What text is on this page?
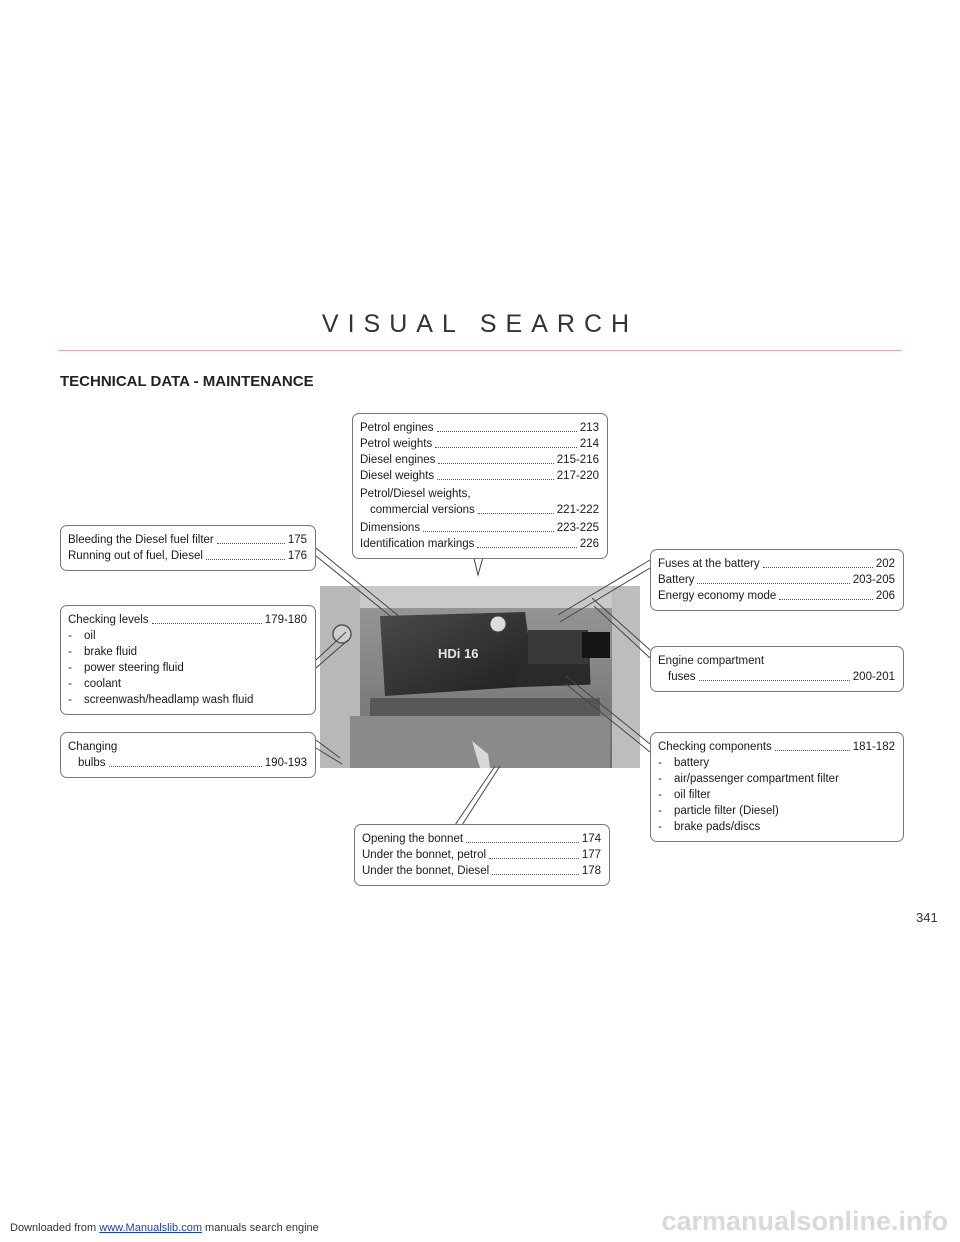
VISUAL SEARCH
TECHNICAL DATA - MAINTENANCE
HDi 16
Petrol engines	213
Petrol weights	214
Diesel engines	215-216
Diesel weights	217-220
Petrol/Diesel weights,
commercial versions	221-222
Dimensions	223-225
Identification markings	226
Bleeding the Diesel fuel filter	175
Running out of fuel, Diesel	176
Fuses at the battery	202
Battery	203-205
Energy economy mode	206
Checking levels	179-180
-	oil
-	brake fluid
-	power steering fluid
-	coolant
-	screenwash/headlamp wash fluid
Engine compartment
fuses	200-201
Changing
bulbs	190-193
Checking components	181-182
-	battery
-	air/passenger compartment filter
-	oil filter
-	particle filter (Diesel)
-	brake pads/discs
Opening the bonnet	174
Under the bonnet, petrol	177
Under the bonnet, Diesel	178
341
Downloaded from www.Manualslib.com manuals search engine	carmanualsonline.info
